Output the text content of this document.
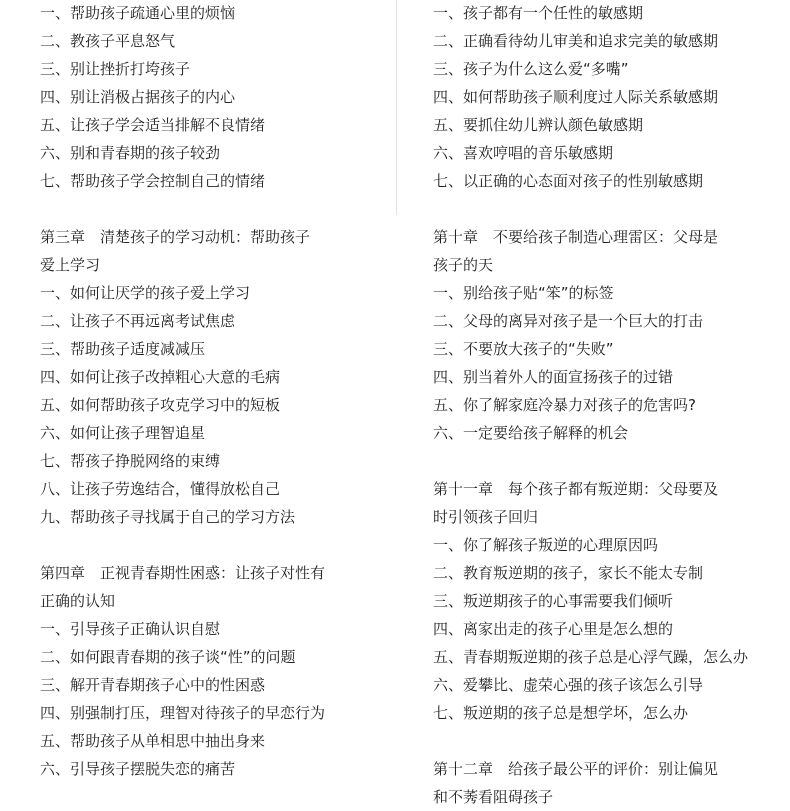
一、帮助孩子疏通心里的烦恼
二、教孩子平息怒气
三、别让挫折打垮孩子
四、别让消极占据孩子的内心
五、让孩子学会适当排解不良情绪
六、别和青春期的孩子较劲
七、帮助孩子学会控制自己的情绪
第三章　清楚孩子的学习动机：帮助孩子
爱上学习
一、如何让厌学的孩子爱上学习
二、让孩子不再远离考试焦虑
三、帮助孩子适度减减压
四、如何让孩子改掉粗心大意的毛病
五、如何帮助孩子攻克学习中的短板
六、如何让孩子理智追星
七、帮孩子挣脱网络的束缚
八、让孩子劳逸结合，懂得放松自己
九、帮助孩子寻找属于自己的学习方法
第四章　正视青春期性困惑：让孩子对性有
正确的认知
一、引导孩子正确认识自慰
二、如何跟青春期的孩子谈“性”的问题
三、解开青春期孩子心中的性困惑
四、别强制打压，理智对待孩子的早恋行为
五、帮助孩子从单相思中抽出身来
六、引导孩子摆脱失恋的痛苦
一、孩子都有一个任性的敏感期
二、正确看待幼儿审美和追求完美的敏感期
三、孩子为什么这么爱“多嘴”
四、如何帮助孩子顺利度过人际关系敏感期
五、要抓住幼儿辨认颜色敏感期
六、喜欢哼唱的音乐敏感期
七、以正确的心态面对孩子的性别敏感期
第十章　不要给孩子制造心理雷区：父母是
孩子的天
一、别给孩子贴“笨”的标签
二、父母的离异对孩子是一个巨大的打击
三、不要放大孩子的“失败”
四、别当着外人的面宣扬孩子的过错
五、你了解家庭冷暴力对孩子的危害吗?
六、一定要给孩子解释的机会
第十一章　每个孩子都有叛逆期：父母要及
时引领孩子回归
一、你了解孩子叛逆的心理原因吗
二、教育叛逆期的孩子，家长不能太专制
三、叛逆期孩子的心事需要我们倾听
四、离家出走的孩子心里是怎么想的
五、青春期叛逆期的孩子总是心浮气躁，怎么办
六、爱攀比、虚荣心强的孩子该怎么引导
七、叛逆期的孩子总是想学坏，怎么办
第十二章　给孩子最公平的评价：别让偏见
和不莠看阻碍孩子
